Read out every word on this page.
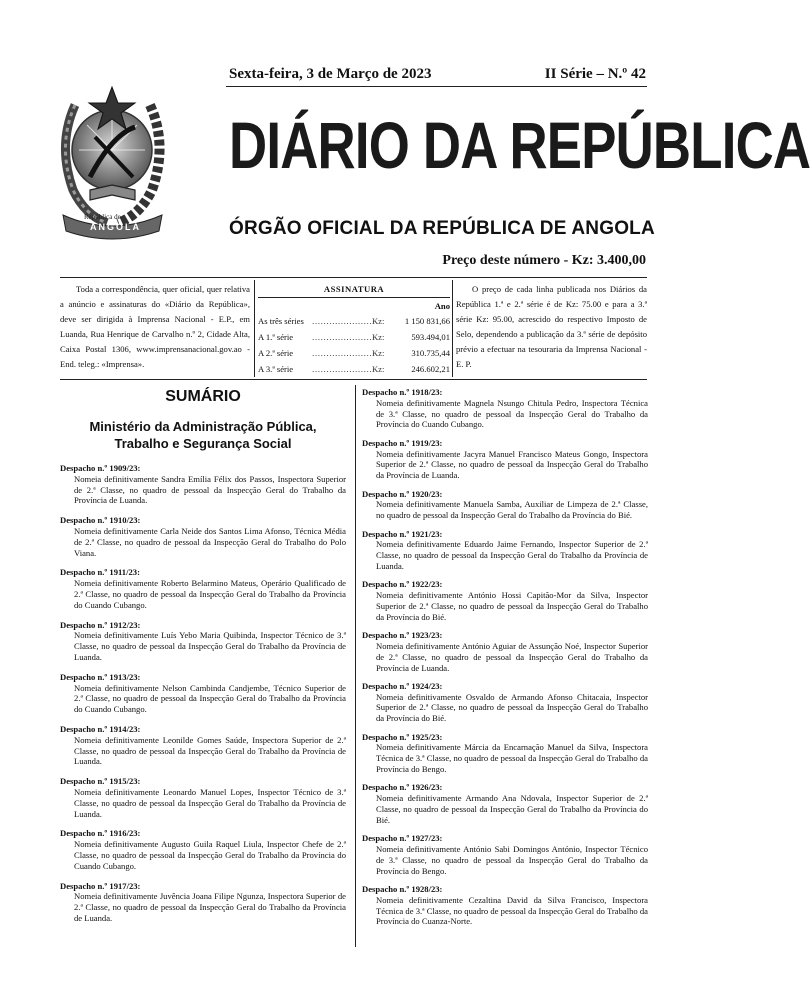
República de
ANGOLA
Sexta-feira, 3 de Março de 2023	II Série – N.º 42
DIÁRIO DA REPÚBLICA
ÓRGÃO OFICIAL DA REPÚBLICA DE ANGOLA
Preço deste número - Kz: 3.400,00
Toda a correspondência, quer oficial, quer relativa a anúncio e assinaturas do «Diário da República», deve ser dirigida à Imprensa Nacional - E.P., em Luanda, Rua Henrique de Carvalho n.º 2, Cidade Alta, Caixa Postal 1306, www.imprensanacional.gov.ao - End. teleg.: «Imprensa».
ASSINATURA		
		Ano
As três séries	…………………Kz:	1 150 831,66
A 1.ª série	…………………Kz:	593.494,01
A 2.ª série	…………………Kz:	310.735,44
A 3.ª série	…………………Kz:	246.602,21
O preço de cada linha publicada nos Diários da República 1.ª e 2.ª série é de Kz: 75.00 e para a 3.ª série Kz: 95.00, acrescido do respectivo Imposto de Selo, dependendo a publicação da 3.ª série de depósito prévio a efectuar na tesouraria da Imprensa Nacional - E. P.
SUMÁRIO
Ministério da Administração Pública,
Trabalho e Segurança Social
Despacho n.º 1909/23:
Nomeia definitivamente Sandra Emília Félix dos Passos, Inspectora Superior de 2.ª Classe, no quadro de pessoal da Inspecção Geral do Trabalho da Província de Luanda.
Despacho n.º 1910/23:
Nomeia definitivamente Carla Neide dos Santos Lima Afonso, Técnica Média de 2.ª Classe, no quadro de pessoal da Inspecção Geral do Trabalho do Polo Viana.
Despacho n.º 1911/23:
Nomeia definitivamente Roberto Belarmino Mateus, Operário Qualificado de 2.ª Classe, no quadro de pessoal da Inspecção Geral do Trabalho da Província do Cuando Cubango.
Despacho n.º 1912/23:
Nomeia definitivamente Luís Yebo Maria Quibinda, Inspector Técnico de 3.ª Classe, no quadro de pessoal da Inspecção Geral do Trabalho da Província de Luanda.
Despacho n.º 1913/23:
Nomeia definitivamente Nelson Cambinda Candjembe, Técnico Superior de 2.ª Classe, no quadro de pessoal da Inspecção Geral do Trabalho da Província do Cuando Cubango.
Despacho n.º 1914/23:
Nomeia definitivamente Leonilde Gomes Saúde, Inspectora Superior de 2.ª Classe, no quadro de pessoal da Inspecção Geral do Trabalho da Província de Luanda.
Despacho n.º 1915/23:
Nomeia definitivamente Leonardo Manuel Lopes, Inspector Técnico de 3.ª Classe, no quadro de pessoal da Inspecção Geral do Trabalho da Província de Luanda.
Despacho n.º 1916/23:
Nomeia definitivamente Augusto Guila Raquel Liula, Inspector Chefe de 2.ª Classe, no quadro de pessoal da Inspecção Geral do Trabalho da Província do Cuando Cubango.
Despacho n.º 1917/23:
Nomeia definitivamente Juvência Joana Filipe Ngunza, Inspectora Superior de 2.ª Classe, no quadro de pessoal da Inspecção Geral do Trabalho da Província de Luanda.
Despacho n.º 1918/23:
Nomeia definitivamente Magnela Nsungo Chitula Pedro, Inspectora Técnica de 3.ª Classe, no quadro de pessoal da Inspecção Geral do Trabalho da Província do Cuando Cubango.
Despacho n.º 1919/23:
Nomeia definitivamente Jacyra Manuel Francisco Mateus Gongo, Inspectora Superior de 2.ª Classe, no quadro de pessoal da Inspecção Geral do Trabalho da Província de Luanda.
Despacho n.º 1920/23:
Nomeia definitivamente Manuela Samba, Auxiliar de Limpeza de 2.ª Classe, no quadro de pessoal da Inspecção Geral do Trabalho da Província do Bié.
Despacho n.º 1921/23:
Nomeia definitivamente Eduardo Jaime Fernando, Inspector Superior de 2.ª Classe, no quadro de pessoal da Inspecção Geral do Trabalho da Província de Luanda.
Despacho n.º 1922/23:
Nomeia definitivamente António Hossi Capitão-Mor da Silva, Inspector Superior de 2.ª Classe, no quadro de pessoal da Inspecção Geral do Trabalho da Província do Bié.
Despacho n.º 1923/23:
Nomeia definitivamente António Aguiar de Assunção Noé, Inspector Superior de 2.ª Classe, no quadro de pessoal da Inspecção Geral do Trabalho da Província de Luanda.
Despacho n.º 1924/23:
Nomeia definitivamente Osvaldo de Armando Afonso Chitacaia, Inspector Superior de 2.ª Classe, no quadro de pessoal da Inspecção Geral do Trabalho da Província do Bié.
Despacho n.º 1925/23:
Nomeia definitivamente Márcia da Encarnação Manuel da Silva, Inspectora Técnica de 3.ª Classe, no quadro de pessoal da Inspecção Geral do Trabalho da Província do Bengo.
Despacho n.º 1926/23:
Nomeia definitivamente Armando Ana Ndovala, Inspector Superior de 2.ª Classe, no quadro de pessoal da Inspecção Geral do Trabalho da Província do Bié.
Despacho n.º 1927/23:
Nomeia definitivamente António Sabi Domingos António, Inspector Técnico de 3.ª Classe, no quadro de pessoal da Inspecção Geral do Trabalho da Província do Bengo.
Despacho n.º 1928/23:
Nomeia definitivamente Cezaltina David da Silva Francisco, Inspectora Técnica de 3.ª Classe, no quadro de pessoal da Inspecção Geral do Trabalho da Província do Cuanza-Norte.
